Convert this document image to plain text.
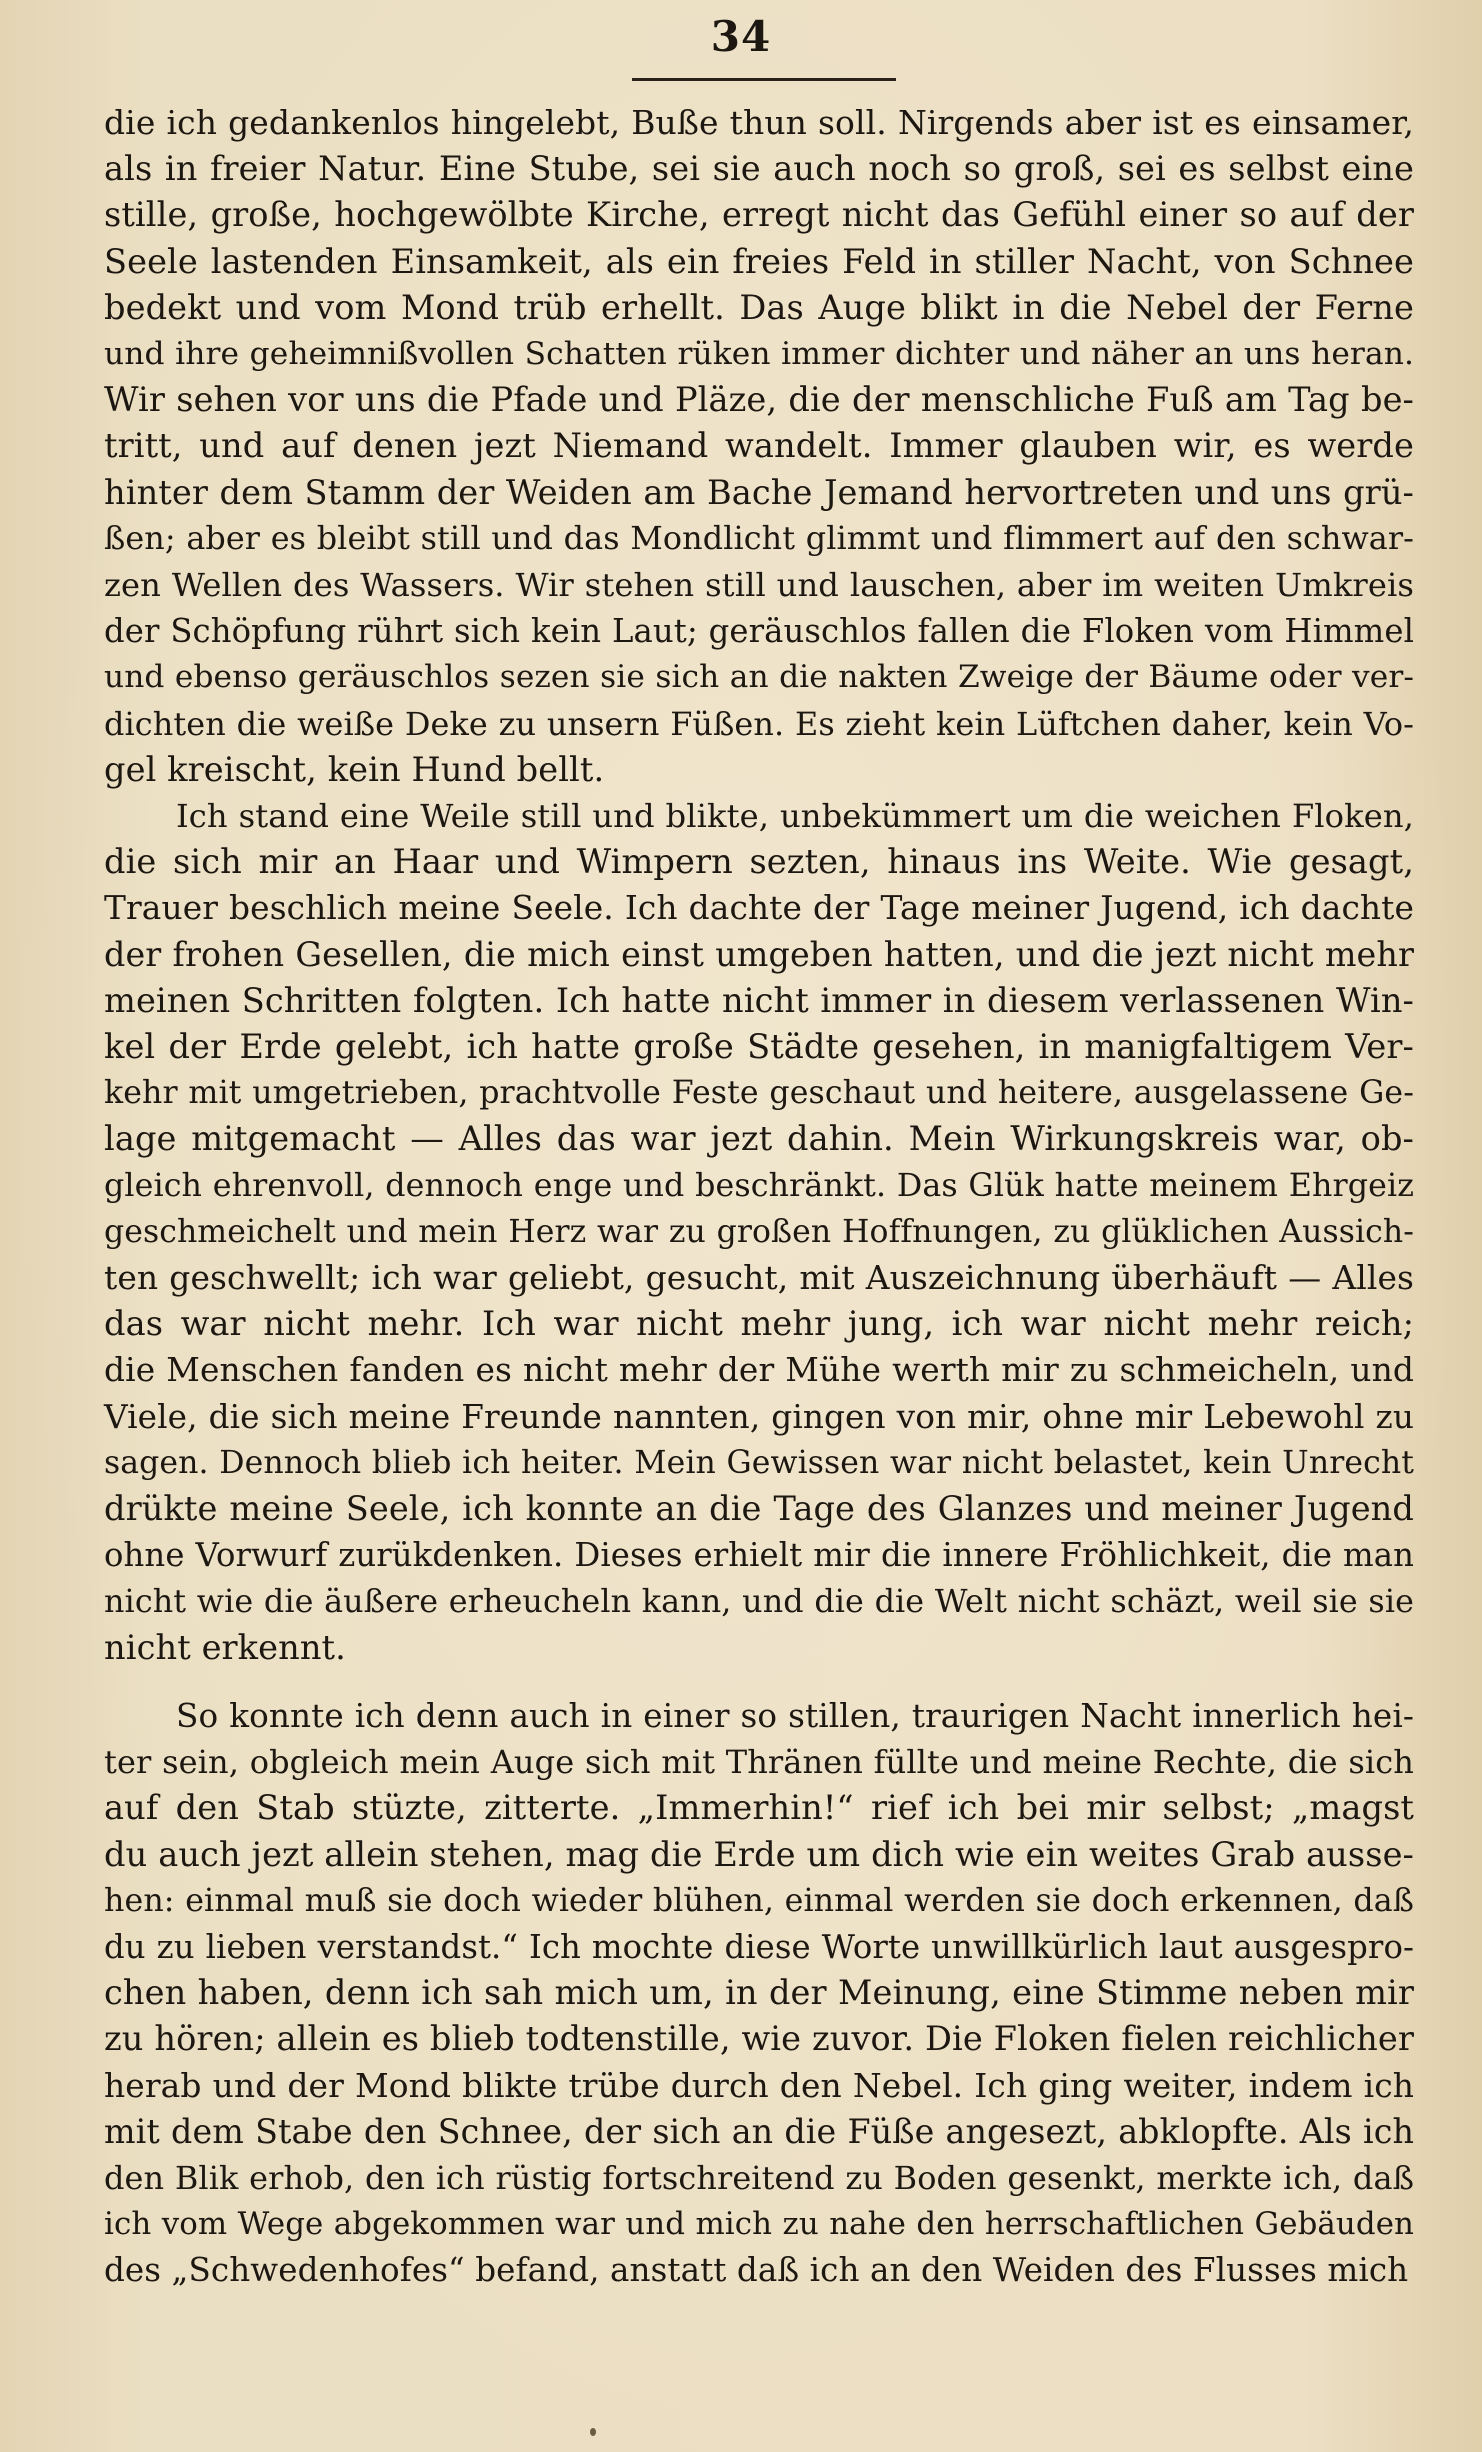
34
die ich gedankenlos hingelebt, Buße thun soll. Nirgends aber ist es einsamer,
als in freier Natur. Eine Stube, sei sie auch noch so groß, sei es selbst eine
stille, große, hochgewölbte Kirche, erregt nicht das Gefühl einer so auf der
Seele lastenden Einsamkeit, als ein freies Feld in stiller Nacht, von Schnee
bedekt und vom Mond trüb erhellt. Das Auge blikt in die Nebel der Ferne
und ihre geheimnißvollen Schatten rüken immer dichter und näher an uns heran.
Wir sehen vor uns die Pfade und Pläze, die der menschliche Fuß am Tag be-
tritt, und auf denen jezt Niemand wandelt. Immer glauben wir, es werde
hinter dem Stamm der Weiden am Bache Jemand hervortreten und uns grü-
ßen; aber es bleibt still und das Mondlicht glimmt und flimmert auf den schwar-
zen Wellen des Wassers. Wir stehen still und lauschen, aber im weiten Umkreis
der Schöpfung rührt sich kein Laut; geräuschlos fallen die Floken vom Himmel
und ebenso geräuschlos sezen sie sich an die nakten Zweige der Bäume oder ver-
dichten die weiße Deke zu unsern Füßen. Es zieht kein Lüftchen daher, kein Vo-
gel kreischt, kein Hund bellt.
Ich stand eine Weile still und blikte, unbekümmert um die weichen Floken,
die sich mir an Haar und Wimpern sezten, hinaus ins Weite. Wie gesagt,
Trauer beschlich meine Seele. Ich dachte der Tage meiner Jugend, ich dachte
der frohen Gesellen, die mich einst umgeben hatten, und die jezt nicht mehr
meinen Schritten folgten. Ich hatte nicht immer in diesem verlassenen Win-
kel der Erde gelebt, ich hatte große Städte gesehen, in manigfaltigem Ver-
kehr mit umgetrieben, prachtvolle Feste geschaut und heitere, ausgelassene Ge-
lage mitgemacht — Alles das war jezt dahin. Mein Wirkungskreis war, ob-
gleich ehrenvoll, dennoch enge und beschränkt. Das Glük hatte meinem Ehrgeiz
geschmeichelt und mein Herz war zu großen Hoffnungen, zu glüklichen Aussich-
ten geschwellt; ich war geliebt, gesucht, mit Auszeichnung überhäuft — Alles
das war nicht mehr. Ich war nicht mehr jung, ich war nicht mehr reich;
die Menschen fanden es nicht mehr der Mühe werth mir zu schmeicheln, und
Viele, die sich meine Freunde nannten, gingen von mir, ohne mir Lebewohl zu
sagen. Dennoch blieb ich heiter. Mein Gewissen war nicht belastet, kein Unrecht
drükte meine Seele, ich konnte an die Tage des Glanzes und meiner Jugend
ohne Vorwurf zurükdenken. Dieses erhielt mir die innere Fröhlichkeit, die man
nicht wie die äußere erheucheln kann, und die die Welt nicht schäzt, weil sie sie
nicht erkennt.
So konnte ich denn auch in einer so stillen, traurigen Nacht innerlich hei-
ter sein, obgleich mein Auge sich mit Thränen füllte und meine Rechte, die sich
auf den Stab stüzte, zitterte. „Immerhin!“ rief ich bei mir selbst; „magst
du auch jezt allein stehen, mag die Erde um dich wie ein weites Grab ausse-
hen: einmal muß sie doch wieder blühen, einmal werden sie doch erkennen, daß
du zu lieben verstandst.“ Ich mochte diese Worte unwillkürlich laut ausgespro-
chen haben, denn ich sah mich um, in der Meinung, eine Stimme neben mir
zu hören; allein es blieb todtenstille, wie zuvor. Die Floken fielen reichlicher
herab und der Mond blikte trübe durch den Nebel. Ich ging weiter, indem ich
mit dem Stabe den Schnee, der sich an die Füße angesezt, abklopfte. Als ich
den Blik erhob, den ich rüstig fortschreitend zu Boden gesenkt, merkte ich, daß
ich vom Wege abgekommen war und mich zu nahe den herrschaftlichen Gebäuden
des „Schwedenhofes“ befand, anstatt daß ich an den Weiden des Flusses mich
